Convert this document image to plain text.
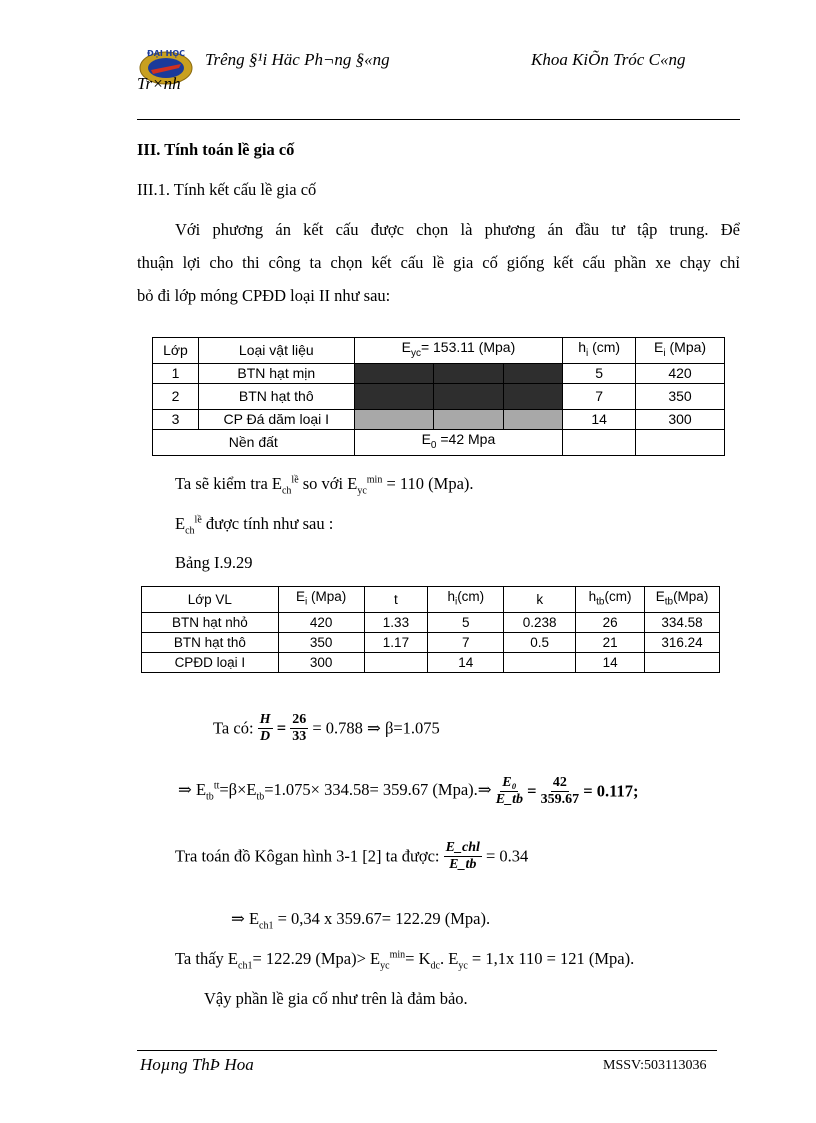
ĐẠI HỌC Trêng §¹i Häc Ph¬ng §«ng
Tr×nh
Khoa KiÕn Tróc C«ng
III. Tính toán lề gia cố
III.1. Tính kết cấu lề gia cố
Với phương án kết cấu được chọn là phương án đầu tư tập trung. Để
thuận lợi cho thi công ta chọn kết cấu lề gia cố giống kết cấu phần xe chạy chỉ
bỏ đi lớp móng CPĐD loại II như sau:
Lớp	Loại vật liệu	$E_{yc}= 153.11$ (Mpa)			$h_i$ (cm)	$E_i$ (Mpa)
1	BTN hạt mịn				5	420
2	BTN hạt thô				7	350
3	CP Đá dăm loại I				14	300
Nền đất		$E_0 =42$ Mpa				
Ta sẽ kiểm tra $E_{ch}^{lề}$ so với $E_{yc}^{min} = 110$ (Mpa).
$E_{ch}^{lề}$ được tính như sau :
Bảng I.9.29
Lớp VL	$E_i$ (Mpa)	t	$h_i(cm)$	k	$h_{tb}(cm)$	$E_{tb}(Mpa)$
BTN hạt nhỏ	420	1.33	5	0.238	26	334.58
BTN hạt thô	350	1.17	7	0.5	21	316.24
CPĐD loại I	300		14		14	
Ta có: $\frac{H}{D} = \frac{26}{33} = 0.788$ ⇒ β=1.075
⇒ $E_{tb}^{tt}=\beta\times E_{tb}=1.075\times 334.58= 359.67$ (Mpa).⇒ $\frac{\text{E₀}}{E\_tb} = \frac{42}{359.67} = 0.117$;
Tra toán đồ Kôgan hình 3-1 [2] ta được: $\frac{\text{E\_chl}}{E\_tb} = 0.34$
⇒ $E_{ch1} = 0,34$ x 359.67= 122.29 (Mpa).
Ta thấy $E_{ch1}= 122.29$ $(Mpa)> E_{yc}^{min}= K_{dc}$. $E_{yc} = 1,1x$ 110 = 121 (Mpa).
Vậy phần lề gia cố như trên là đảm bảo.
Hoµng ThÞ Hoa	MSSV:503113036
